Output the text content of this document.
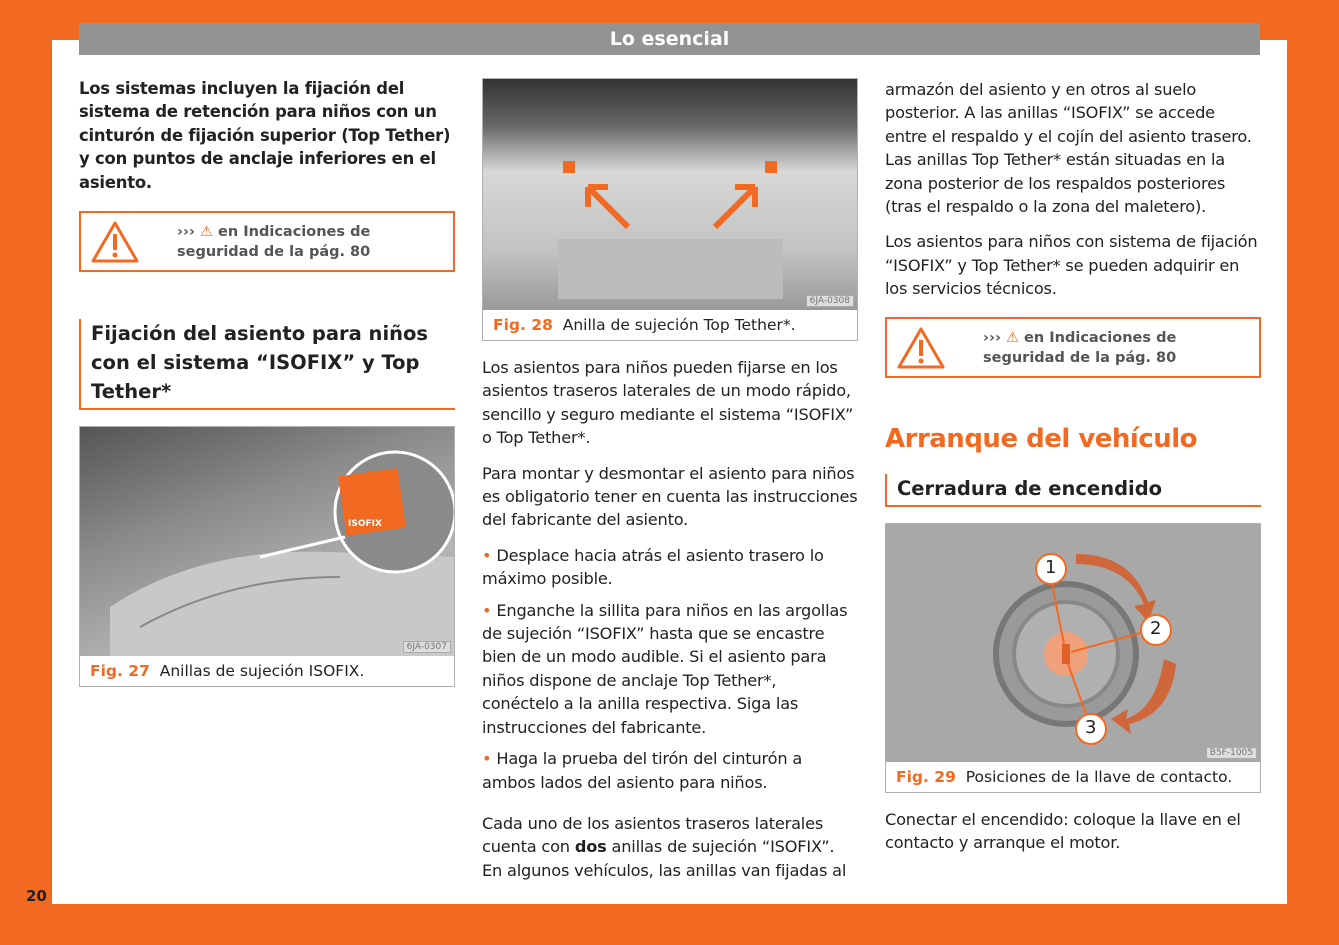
Lo esencial
20

Los sistemas incluyen la fijación del sistema de retención para niños con un cinturón de fijación superior (Top Tether) y con puntos de anclaje inferiores en el asiento.

››› ⚠ en Indicaciones de seguridad de la pág. 80
Fijación del asiento para niños con el sistema “ISOFIX” y Top Tether*
ISOFIX
6JA-0307
Fig. 27 Anillas de sujeción ISOFIX.
6JA-0308
Fig. 28 Anilla de sujeción Top Tether*.

Los asientos para niños pueden fijarse en los asientos traseros laterales de un modo rápido, sencillo y seguro mediante el sistema “ISOFIX” o Top Tether*.

Para montar y desmontar el asiento para niños es obligatorio tener en cuenta las instrucciones del fabricante del asiento.

• Desplace hacia atrás el asiento trasero lo máximo posible.

• Enganche la sillita para niños en las argollas de sujeción “ISOFIX” hasta que se encastre bien de un modo audible. Si el asiento para niños dispone de anclaje Top Tether*, conéctelo a la anilla respectiva. Siga las instrucciones del fabricante.

• Haga la prueba del tirón del cinturón a ambos lados del asiento para niños.

Cada uno de los asientos traseros laterales cuenta con dos anillas de sujeción “ISOFIX”. En algunos vehículos, las anillas van fijadas al

armazón del asiento y en otros al suelo posterior. A las anillas “ISOFIX” se accede entre el respaldo y el cojín del asiento trasero. Las anillas Top Tether* están situadas en la zona posterior de los respaldos posteriores (tras el respaldo o la zona del maletero).

Los asientos para niños con sistema de fijación “ISOFIX” y Top Tether* se pueden adquirir en los servicios técnicos.

››› ⚠ en Indicaciones de seguridad de la pág. 80
Arranque del vehículo
Cerradura de encendido
1
2
3
B5F-1005
Fig. 29 Posiciones de la llave de contacto.

Conectar el encendido: coloque la llave en el contacto y arranque el motor.
